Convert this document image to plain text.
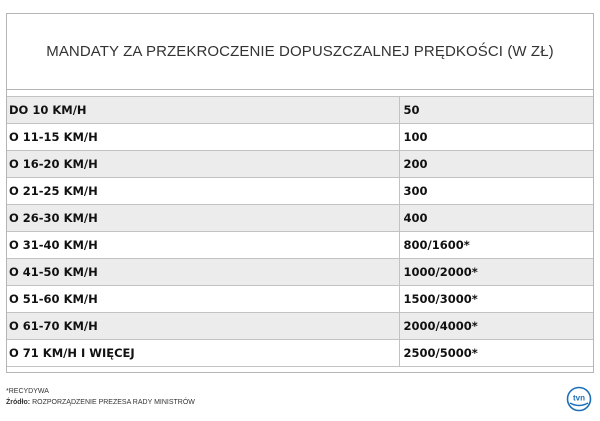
MANDATY ZA PRZEKROCZENIE DOPUSZCZALNEJ PRĘDKOŚCI (W ZŁ)
DO 10 KM/H	50
O 11-15 KM/H	100
O 16-20 KM/H	200
O 21-25 KM/H	300
O 26-30 KM/H	400
O 31-40 KM/H	800/1600*
O 41-50 KM/H	1000/2000*
O 51-60 KM/H	1500/3000*
O 61-70 KM/H	2000/4000*
O 71 KM/H I WIĘCEJ	2500/5000*
*RECYDYWA
Źródło: ROZPORZĄDZENIE PREZESA RADY MINISTRÓW	tvn
